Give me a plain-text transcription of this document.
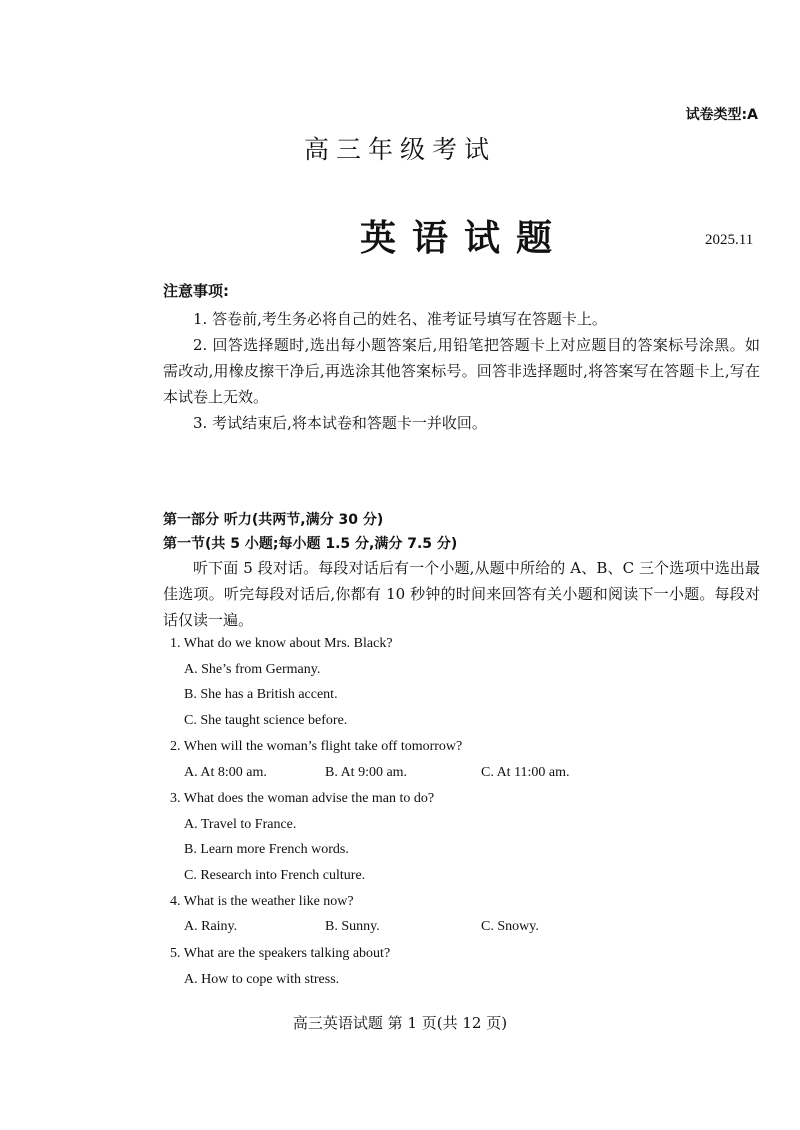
试卷类型:A
高三年级考试
英语试题	2025.11
注意事项:
1. 答卷前,考生务必将自己的姓名、准考证号填写在答题卡上。
2. 回答选择题时,选出每小题答案后,用铅笔把答题卡上对应题目的答案标号涂黑。如需改动,用橡皮擦干净后,再选涂其他答案标号。回答非选择题时,将答案写在答题卡上,写在本试卷上无效。
3. 考试结束后,将本试卷和答题卡一并收回。
第一部分 听力(共两节,满分 30 分)
第一节(共 5 小题;每小题 1.5 分,满分 7.5 分)
听下面 5 段对话。每段对话后有一个小题,从题中所给的 A、B、C 三个选项中选出最佳选项。听完每段对话后,你都有 10 秒钟的时间来回答有关小题和阅读下一小题。每段对话仅读一遍。
1. What do we know about Mrs. Black?
A. She’s from Germany.
B. She has a British accent.
C. She taught science before.
2. When will the woman’s flight take off tomorrow?
A. At 8:00 am.	B. At 9:00 am.	C. At 11:00 am.
3. What does the woman advise the man to do?
A. Travel to France.
B. Learn more French words.
C. Research into French culture.
4. What is the weather like now?
A. Rainy.	B. Sunny.	C. Snowy.
5. What are the speakers talking about?
A. How to cope with stress.
高三英语试题 第 1 页(共 12 页)
